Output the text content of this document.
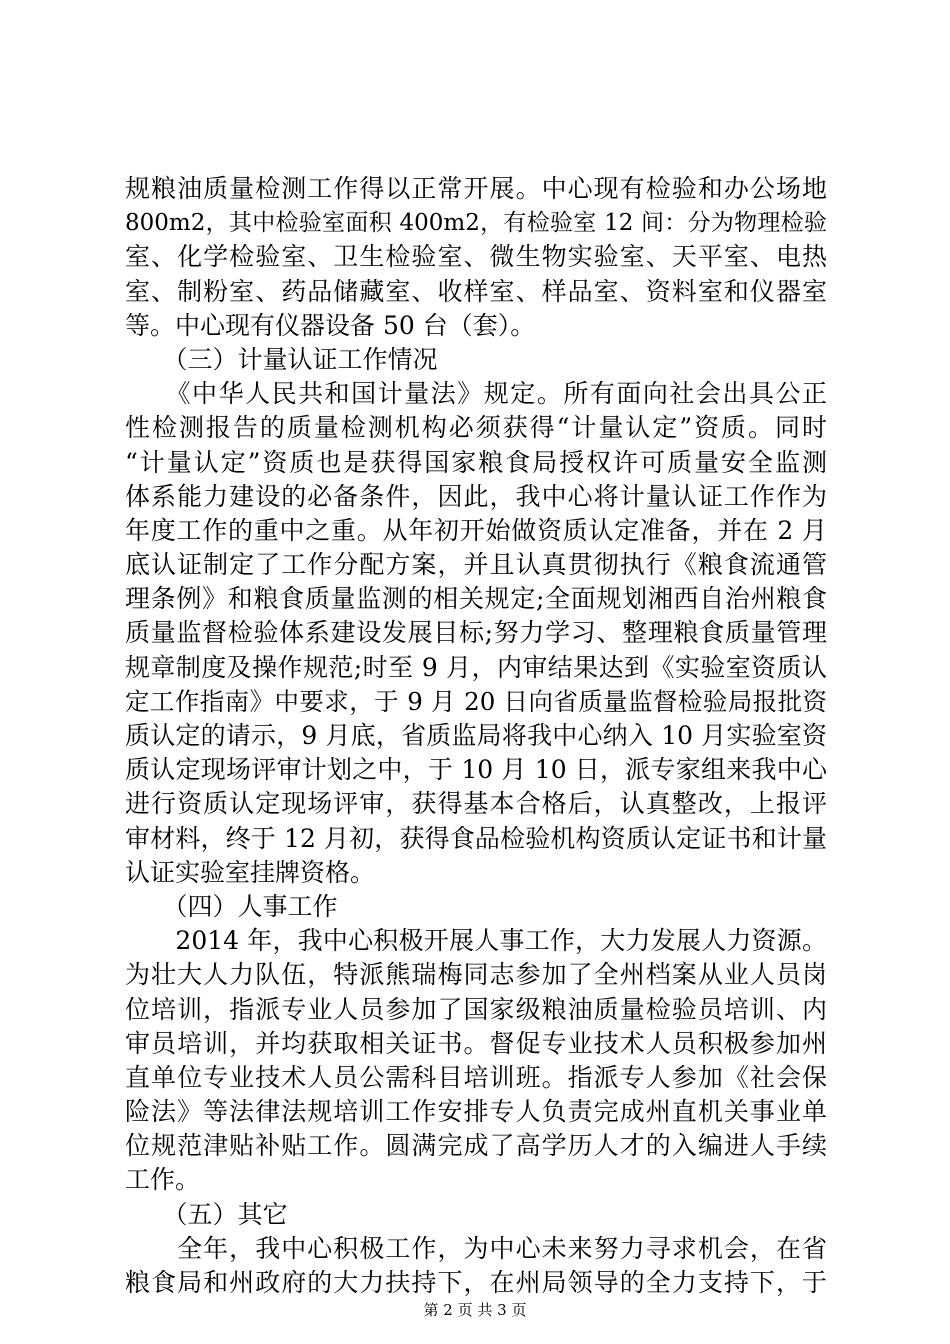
规粮油质量检测工作得以正常开展。中心现有检验和办公场地
800m2，其中检验室面积 400m2，有检验室 12 间：分为物理检验
室、化学检验室、卫生检验室、微生物实验室、天平室、电热
室、制粉室、药品储藏室、收样室、样品室、资料室和仪器室
等。中心现有仪器设备 50 台（套）。
　　（三）计量认证工作情况
　　《中华人民共和国计量法》规定。所有面向社会出具公正
性检测报告的质量检测机构必须获得“计量认定”资质。同时
“计量认定”资质也是获得国家粮食局授权许可质量安全监测
体系能力建设的必备条件，因此，我中心将计量认证工作作为
年度工作的重中之重。从年初开始做资质认定准备，并在 2 月
底认证制定了工作分配方案，并且认真贯彻执行《粮食流通管
理条例》和粮食质量监测的相关规定;全面规划湘西自治州粮食
质量监督检验体系建设发展目标;努力学习、整理粮食质量管理
规章制度及操作规范;时至 9 月，内审结果达到《实验室资质认
定工作指南》中要求，于 9 月 20 日向省质量监督检验局报批资
质认定的请示，9 月底，省质监局将我中心纳入 10 月实验室资
质认定现场评审计划之中，于 10 月 10 日，派专家组来我中心
进行资质认定现场评审，获得基本合格后，认真整改，上报评
审材料，终于 12 月初，获得食品检验机构资质认定证书和计量
认证实验室挂牌资格。
　　（四）人事工作
　　2014 年，我中心积极开展人事工作，大力发展人力资源。
为壮大人力队伍，特派熊瑞梅同志参加了全州档案从业人员岗
位培训，指派专业人员参加了国家级粮油质量检验员培训、内
审员培训，并均获取相关证书。督促专业技术人员积极参加州
直单位专业技术人员公需科目培训班。指派专人参加《社会保
险法》等法律法规培训工作安排专人负责完成州直机关事业单
位规范津贴补贴工作。圆满完成了高学历人才的入编进人手续
工作。
　　（五）其它
　　全年，我中心积极工作，为中心未来努力寻求机会，在省
粮食局和州政府的大力扶持下，在州局领导的全力支持下，于
第 2 页 共 3 页
